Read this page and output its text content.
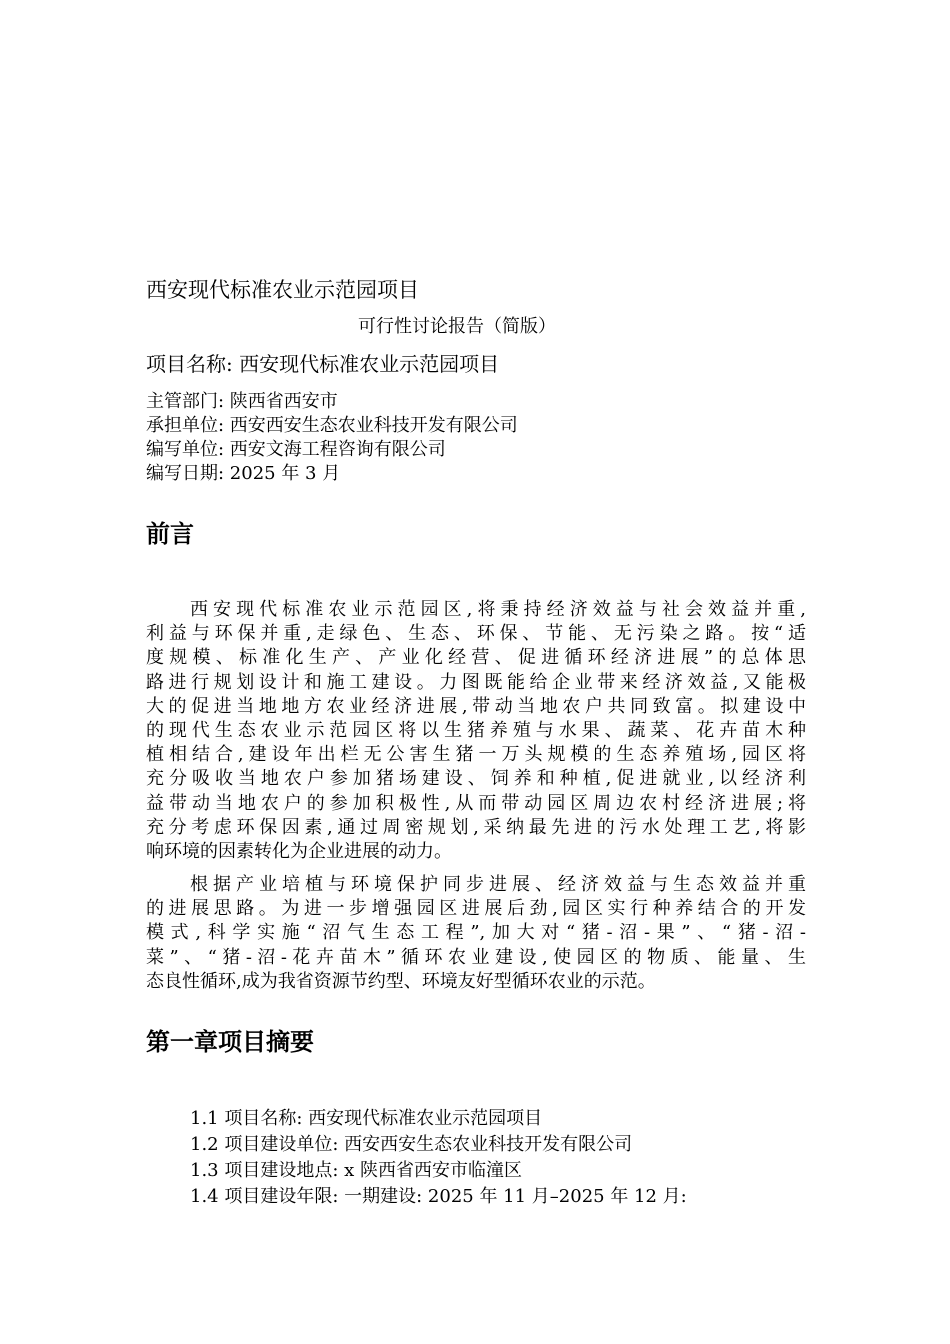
西安现代标准农业示范园项目
可行性讨论报告（简版）
项目名称: 西安现代标准农业示范园项目
主管部门: 陕西省西安市
承担单位: 西安西安生态农业科技开发有限公司
编写单位: 西安文海工程咨询有限公司
编写日期: 2025 年 3 月
前言
西安现代标准农业示范园区,将秉持经济效益与社会效益并重,
利益与环保并重,走绿色、生态、环保、节能、无污染之路。按“适
度规模、标准化生产、产业化经营、促进循环经济进展”的总体思
路进行规划设计和施工建设。力图既能给企业带来经济效益,又能极
大的促进当地地方农业经济进展,带动当地农户共同致富。拟建设中
的现代生态农业示范园区将以生猪养殖与水果、蔬菜、花卉苗木种
植相结合,建设年出栏无公害生猪一万头规模的生态养殖场,园区将
充分吸收当地农户参加猪场建设、饲养和种植,促进就业,以经济利
益带动当地农户的参加积极性,从而带动园区周边农村经济进展;将
充分考虑环保因素,通过周密规划,采纳最先进的污水处理工艺,将影
响环境的因素转化为企业进展的动力。
根据产业培植与环境保护同步进展、经济效益与生态效益并重
的进展思路。为进一步增强园区进展后劲,园区实行种养结合的开发
模式,科学实施“沼气生态工程”,加大对“猪-沼-果”、“猪-沼-
菜”、“猪-沼-花卉苗木”循环农业建设,使园区的物质、能量、生
态良性循环,成为我省资源节约型、环境友好型循环农业的示范。
第一章项目摘要
1.1 项目名称: 西安现代标准农业示范园项目
1.2 项目建设单位: 西安西安生态农业科技开发有限公司
1.3 项目建设地点: x 陕西省西安市临潼区
1.4 项目建设年限: 一期建设: 2025 年 11 月–2025 年 12 月:
